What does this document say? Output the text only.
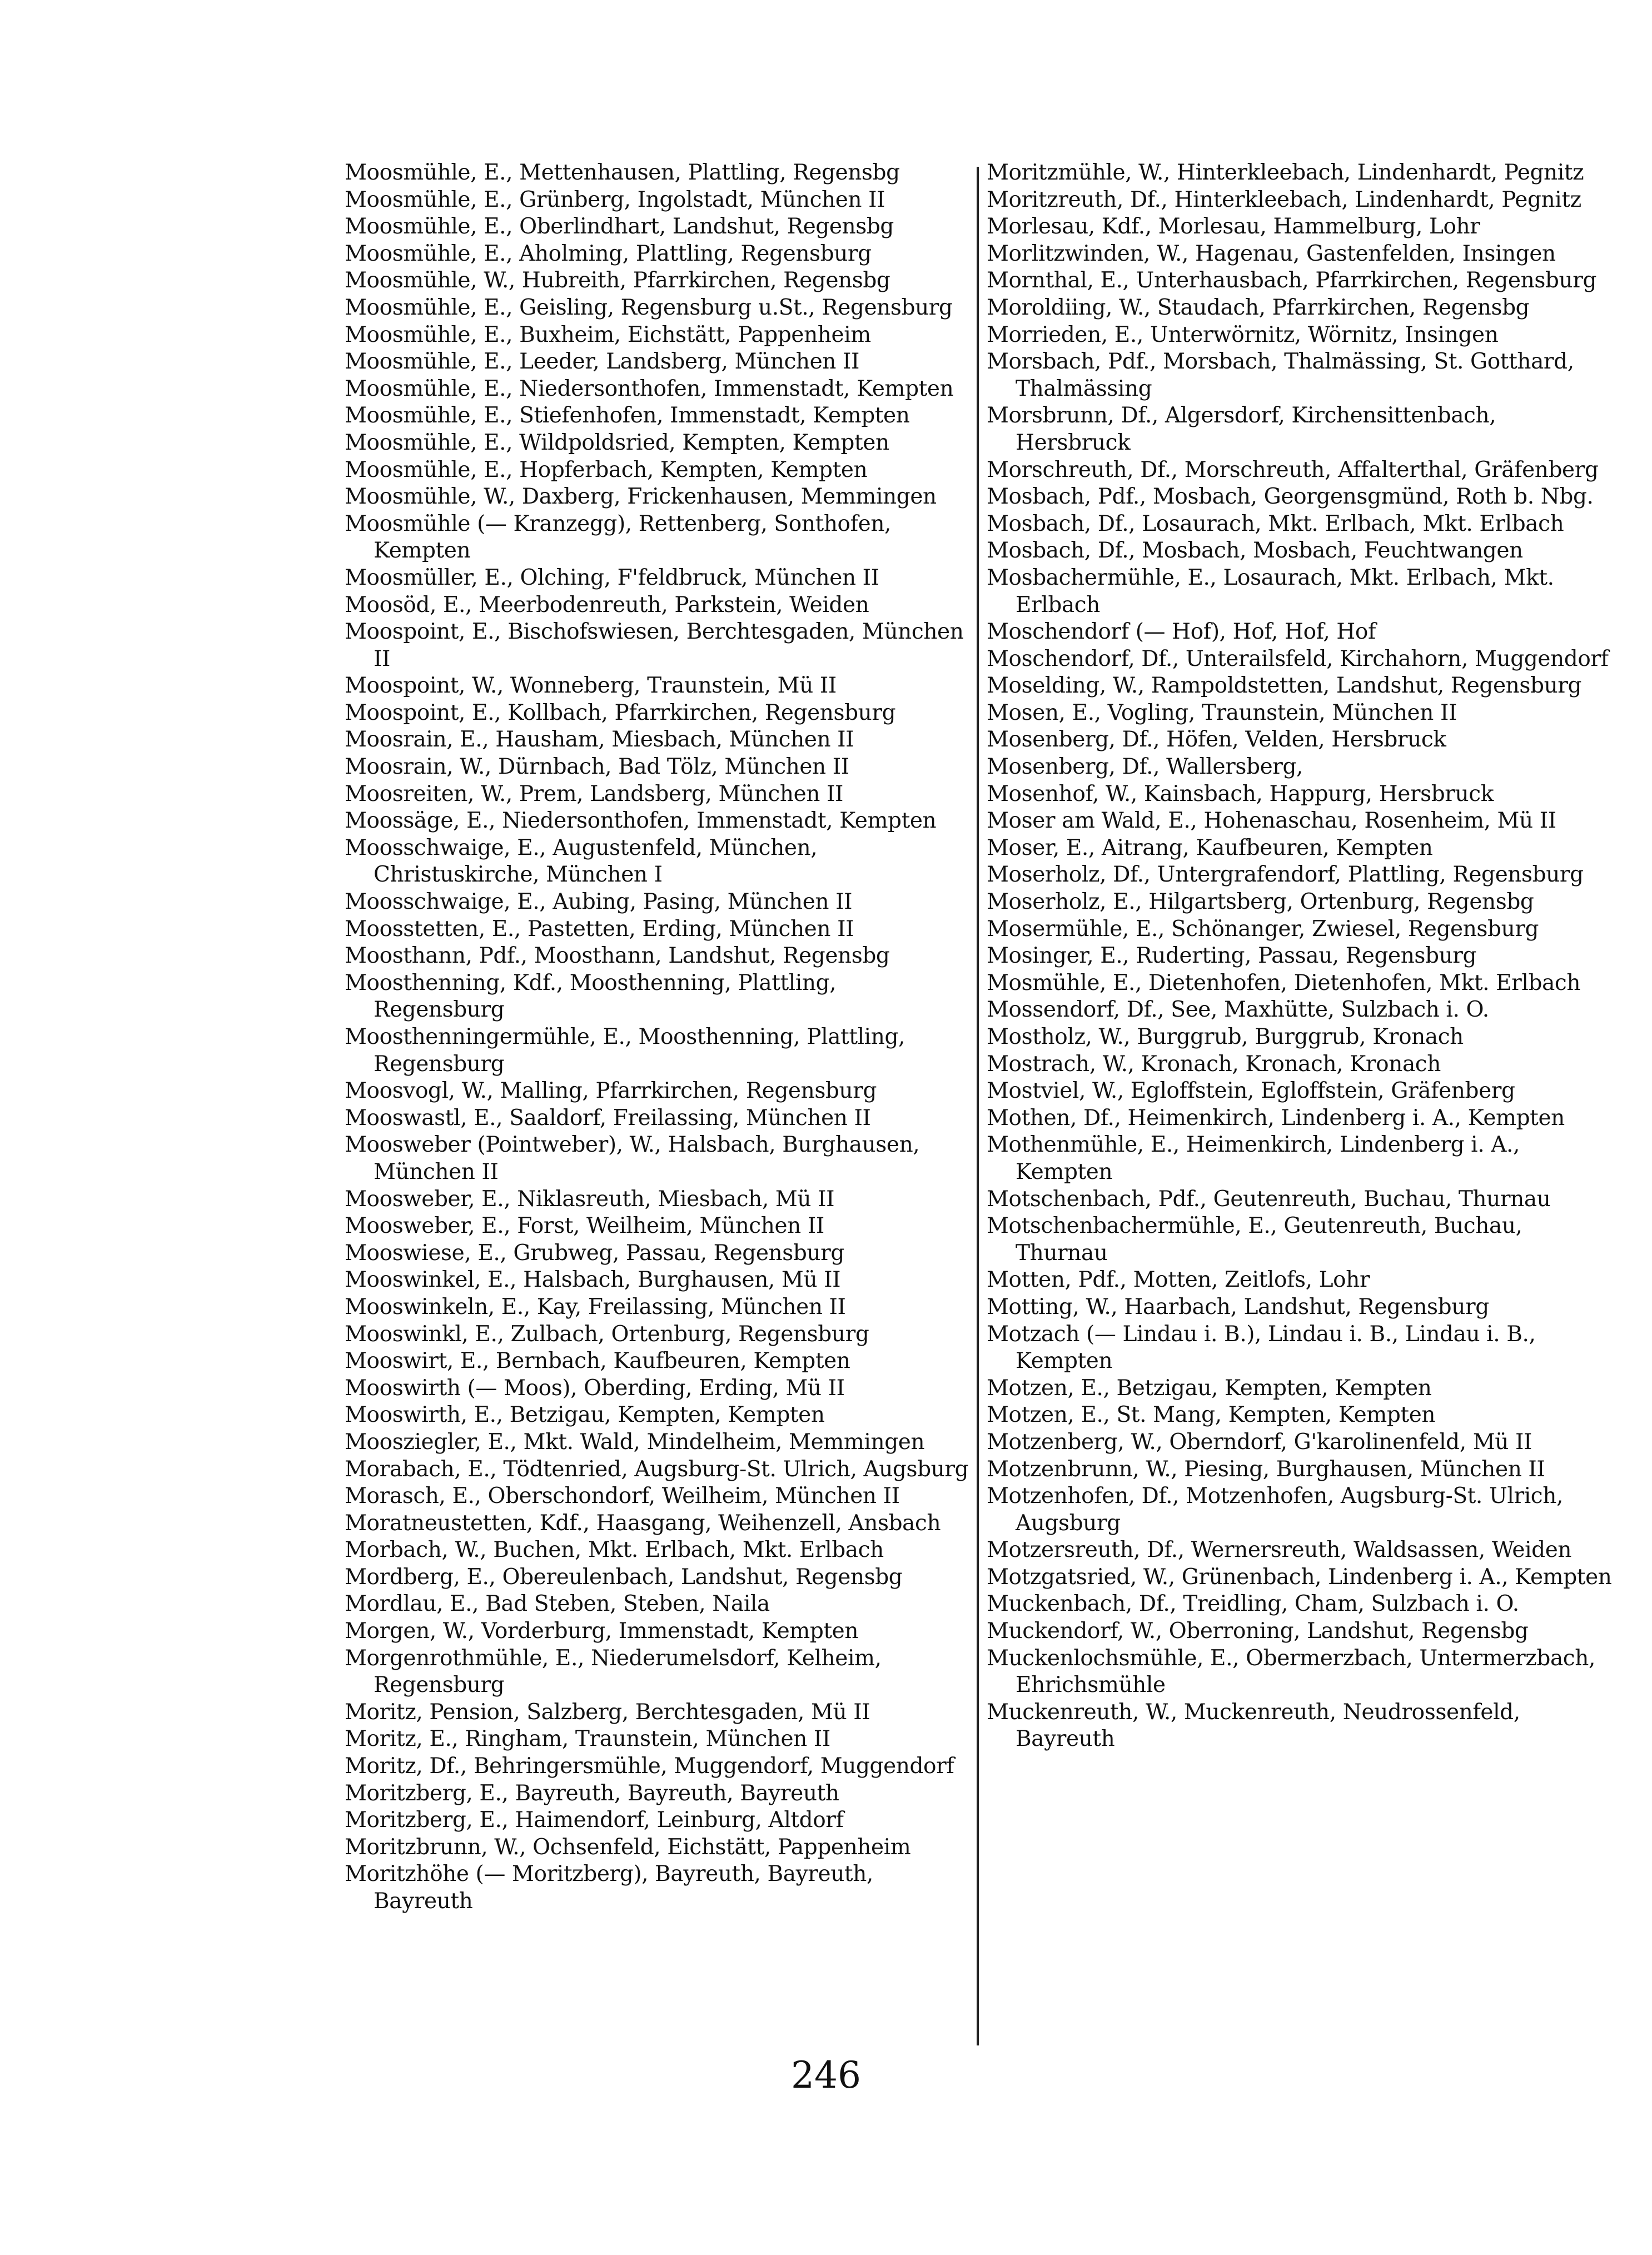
Moosmühle, E., Mettenhausen, Plattling, Regensbg
Moosmühle, E., Grünberg, Ingolstadt, München II
Moosmühle, E., Oberlindhart, Landshut, Regensbg
Moosmühle, E., Aholming, Plattling, Regensburg
Moosmühle, W., Hubreith, Pfarrkirchen, Regensbg
Moosmühle, E., Geisling, Regensburg u.St., Regensburg
Moosmühle, E., Buxheim, Eichstätt, Pappenheim
Moosmühle, E., Leeder, Landsberg, München II
Moosmühle, E., Niedersonthofen, Immenstadt, Kempten
Moosmühle, E., Stiefenhofen, Immenstadt, Kempten
Moosmühle, E., Wildpoldsried, Kempten, Kempten
Moosmühle, E., Hopferbach, Kempten, Kempten
Moosmühle, W., Daxberg, Frickenhausen, Memmingen
Moosmühle (— Kranzegg), Rettenberg, Sonthofen, Kempten
Moosmüller, E., Olching, F'feldbruck, München II
Moosöd, E., Meerbodenreuth, Parkstein, Weiden
Moospoint, E., Bischofswiesen, Berchtesgaden, München II
Moospoint, W., Wonneberg, Traunstein, Mü II
Moospoint, E., Kollbach, Pfarrkirchen, Regensburg
Moosrain, E., Hausham, Miesbach, München II
Moosrain, W., Dürnbach, Bad Tölz, München II
Moosreiten, W., Prem, Landsberg, München II
Moossäge, E., Niedersonthofen, Immenstadt, Kempten
Moosschwaige, E., Augustenfeld, München, Christuskirche, München I
Moosschwaige, E., Aubing, Pasing, München II
Moosstetten, E., Pastetten, Erding, München II
Moosthann, Pdf., Moosthann, Landshut, Regensbg
Moosthenning, Kdf., Moosthenning, Plattling, Regensburg
Moosthenningermühle, E., Moosthenning, Plattling, Regensburg
Moosvogl, W., Malling, Pfarrkirchen, Regensburg
Mooswastl, E., Saaldorf, Freilassing, München II
Moosweber (Pointweber), W., Halsbach, Burghausen, München II
Moosweber, E., Niklasreuth, Miesbach, Mü II
Moosweber, E., Forst, Weilheim, München II
Mooswiese, E., Grubweg, Passau, Regensburg
Mooswinkel, E., Halsbach, Burghausen, Mü II
Mooswinkeln, E., Kay, Freilassing, München II
Mooswinkl, E., Zulbach, Ortenburg, Regensburg
Mooswirt, E., Bernbach, Kaufbeuren, Kempten
Mooswirth (— Moos), Oberding, Erding, Mü II
Mooswirth, E., Betzigau, Kempten, Kempten
Moosziegler, E., Mkt. Wald, Mindelheim, Memmingen
Morabach, E., Tödtenried, Augsburg-St. Ulrich, Augsburg
Morasch, E., Oberschondorf, Weilheim, München II
Moratneustetten, Kdf., Haasgang, Weihenzell, Ansbach
Morbach, W., Buchen, Mkt. Erlbach, Mkt. Erlbach
Mordberg, E., Obereulenbach, Landshut, Regensbg
Mordlau, E., Bad Steben, Steben, Naila
Morgen, W., Vorderburg, Immenstadt, Kempten
Morgenrothmühle, E., Niederumelsdorf, Kelheim, Regensburg
Moritz, Pension, Salzberg, Berchtesgaden, Mü II
Moritz, E., Ringham, Traunstein, München II
Moritz, Df., Behringersmühle, Muggendorf, Muggendorf
Moritzberg, E., Bayreuth, Bayreuth, Bayreuth
Moritzberg, E., Haimendorf, Leinburg, Altdorf
Moritzbrunn, W., Ochsenfeld, Eichstätt, Pappenheim
Moritzhöhe (— Moritzberg), Bayreuth, Bayreuth, Bayreuth
Moritzmühle, W., Hinterkleebach, Lindenhardt, Pegnitz
Moritzreuth, Df., Hinterkleebach, Lindenhardt, Pegnitz
Morlesau, Kdf., Morlesau, Hammelburg, Lohr
Morlitzwinden, W., Hagenau, Gastenfelden, Insingen
Mornthal, E., Unterhausbach, Pfarrkirchen, Regensburg
Moroldiing, W., Staudach, Pfarrkirchen, Regensbg
Morrieden, E., Unterwörnitz, Wörnitz, Insingen
Morsbach, Pdf., Morsbach, Thalmässing, St. Gotthard, Thalmässing
Morsbrunn, Df., Algersdorf, Kirchensittenbach, Hersbruck
Morschreuth, Df., Morschreuth, Affalterthal, Gräfenberg
Mosbach, Pdf., Mosbach, Georgensgmünd, Roth b. Nbg.
Mosbach, Df., Losaurach, Mkt. Erlbach, Mkt. Erlbach
Mosbach, Df., Mosbach, Mosbach, Feuchtwangen
Mosbachermühle, E., Losaurach, Mkt. Erlbach, Mkt. Erlbach
Moschendorf (— Hof), Hof, Hof, Hof
Moschendorf, Df., Unterailsfeld, Kirchahorn, Muggendorf
Moselding, W., Rampoldstetten, Landshut, Regensburg
Mosen, E., Vogling, Traunstein, München II
Mosenberg, Df., Höfen, Velden, Hersbruck
Mosenberg, Df., Wallersberg,
Mosenhof, W., Kainsbach, Happurg, Hersbruck
Moser am Wald, E., Hohenaschau, Rosenheim, Mü II
Moser, E., Aitrang, Kaufbeuren, Kempten
Moserholz, Df., Untergrafendorf, Plattling, Regensburg
Moserholz, E., Hilgartsberg, Ortenburg, Regensbg
Mosermühle, E., Schönanger, Zwiesel, Regensburg
Mosinger, E., Ruderting, Passau, Regensburg
Mosmühle, E., Dietenhofen, Dietenhofen, Mkt. Erlbach
Mossendorf, Df., See, Maxhütte, Sulzbach i. O.
Mostholz, W., Burggrub, Burggrub, Kronach
Mostrach, W., Kronach, Kronach, Kronach
Mostviel, W., Egloffstein, Egloffstein, Gräfenberg
Mothen, Df., Heimenkirch, Lindenberg i. A., Kempten
Mothenmühle, E., Heimenkirch, Lindenberg i. A., Kempten
Motschenbach, Pdf., Geutenreuth, Buchau, Thurnau
Motschenbachermühle, E., Geutenreuth, Buchau, Thurnau
Motten, Pdf., Motten, Zeitlofs, Lohr
Motting, W., Haarbach, Landshut, Regensburg
Motzach (— Lindau i. B.), Lindau i. B., Lindau i. B., Kempten
Motzen, E., Betzigau, Kempten, Kempten
Motzen, E., St. Mang, Kempten, Kempten
Motzenberg, W., Oberndorf, G'karolinenfeld, Mü II
Motzenbrunn, W., Piesing, Burghausen, München II
Motzenhofen, Df., Motzenhofen, Augsburg-St. Ulrich, Augsburg
Motzersreuth, Df., Wernersreuth, Waldsassen, Weiden
Motzgatsried, W., Grünenbach, Lindenberg i. A., Kempten
Muckenbach, Df., Treidling, Cham, Sulzbach i. O.
Muckendorf, W., Oberroning, Landshut, Regensbg
Muckenlochsmühle, E., Obermerzbach, Untermerzbach, Ehrichsmühle
Muckenreuth, W., Muckenreuth, Neudrossenfeld, Bayreuth
246
